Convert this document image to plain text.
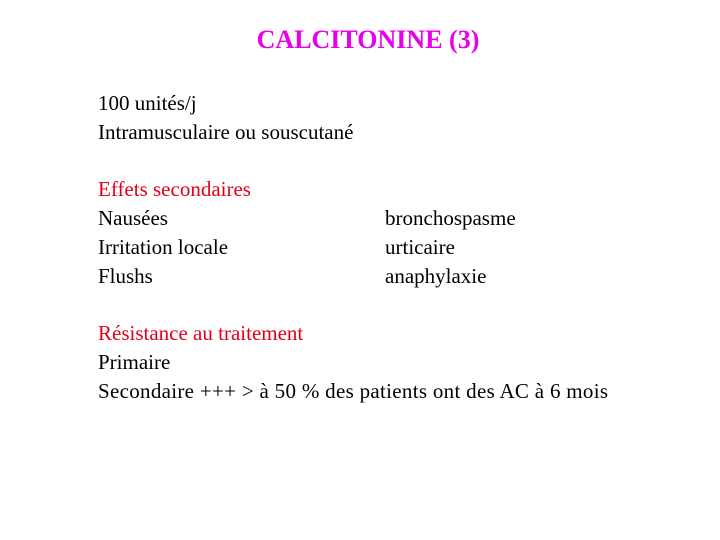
CALCITONINE (3)
100 unités/j
Intramusculaire ou souscutané
Effets secondaires
Nausées
Irritation locale
Flushs
bronchospasme
urticaire
anaphylaxie
Résistance au traitement
Primaire
Secondaire +++ > à 50 % des patients ont des AC à 6 mois
